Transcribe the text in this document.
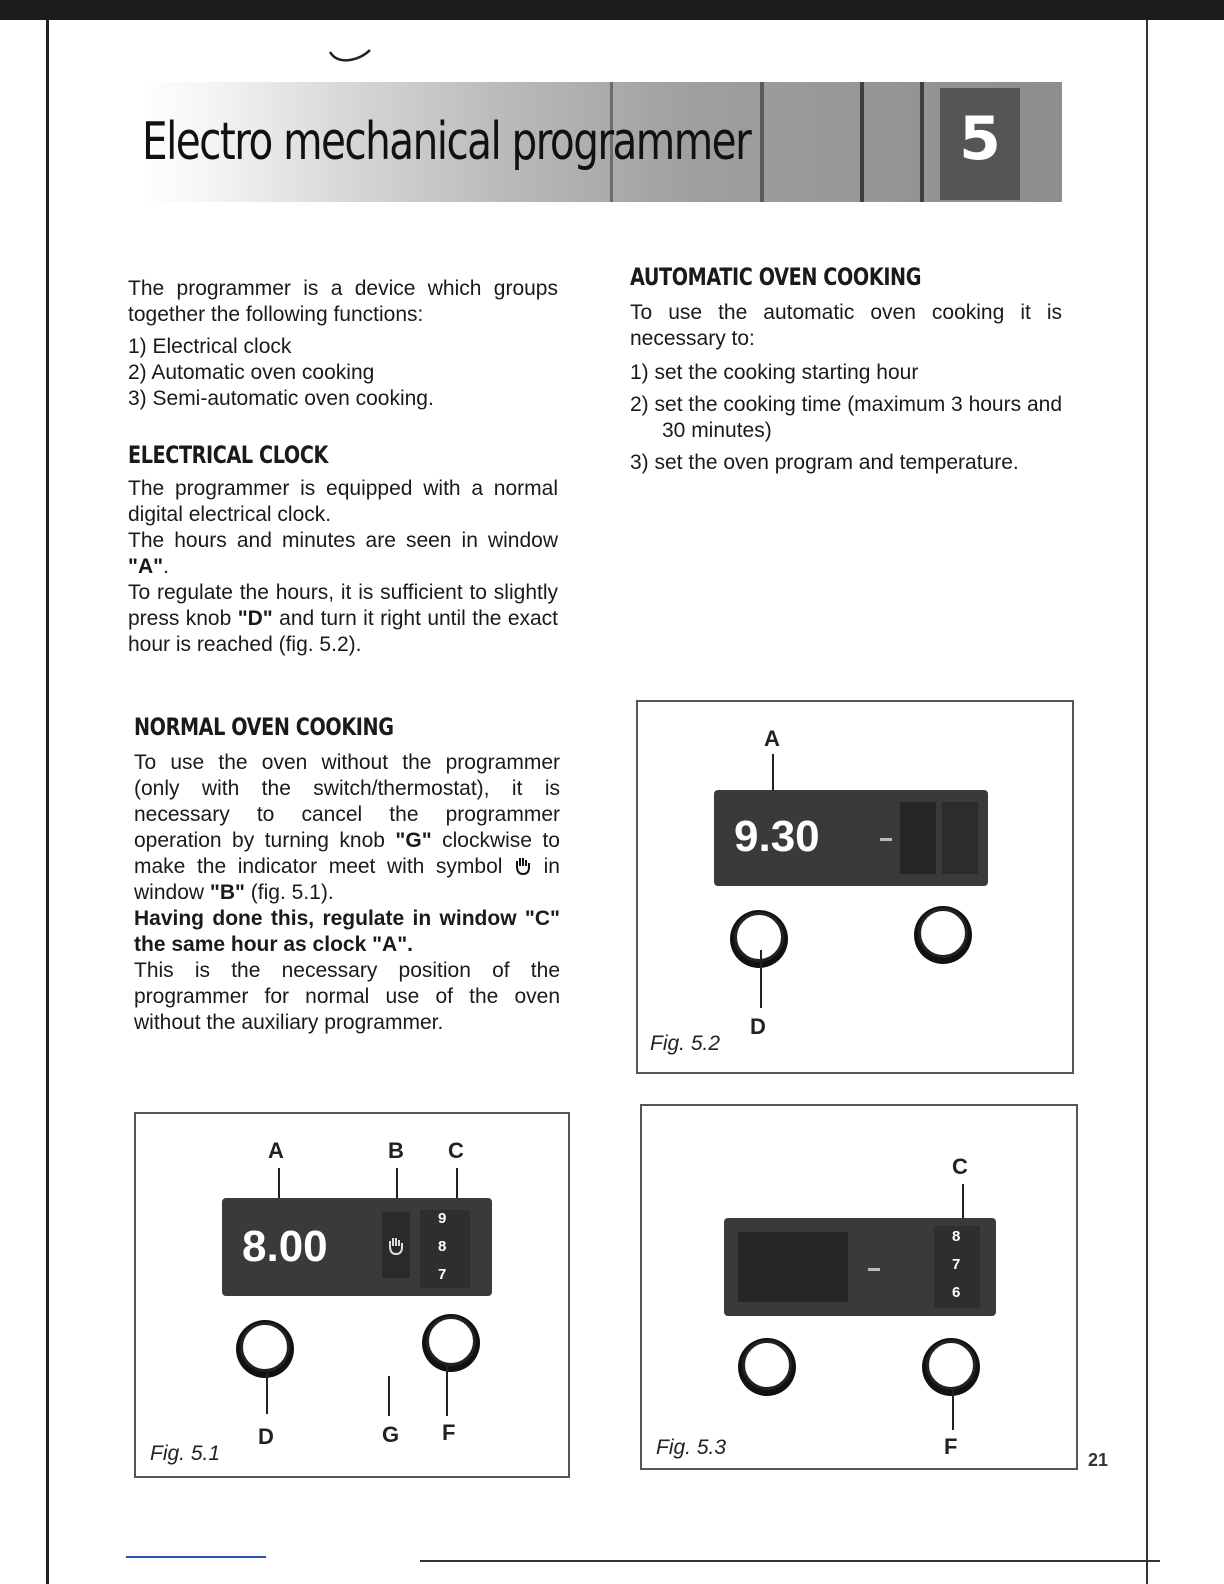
Electro mechanical programmer	5

The programmer is a device which groups together the following functions:

1) Electrical clock
2) Automatic oven cooking
3) Semi-automatic oven cooking.
ELECTRICAL CLOCK

The programmer is equipped with a normal digital electrical clock.

The hours and minutes are seen in window "A".

To regulate the hours, it is sufficient to slightly press knob "D" and turn it right until the exact hour is reached (fig. 5.2).

NORMAL OVEN COOKING

To use the oven without the programmer (only with the switch/thermostat), it is necessary to cancel the programmer operation by turning knob "G" clockwise to make the indicator meet with symbol  in window "B" (fig. 5.1).

Having done this, regulate in window "C" the same hour as clock "A".

This is the necessary position of the programmer for normal use of the oven without the auxiliary programmer.

AUTOMATIC OVEN COOKING

To use the automatic oven cooking it is necessary to:

1) set the cooking starting hour
2) set the cooking time (maximum 3 hours and 30 minutes)
3) set the oven program and temperature.
A
9.30
D
Fig. 5.2
A	B C
8.00
9
8
7
D	G F
Fig. 5.1
C
8
7
6
F
Fig. 5.3
21
